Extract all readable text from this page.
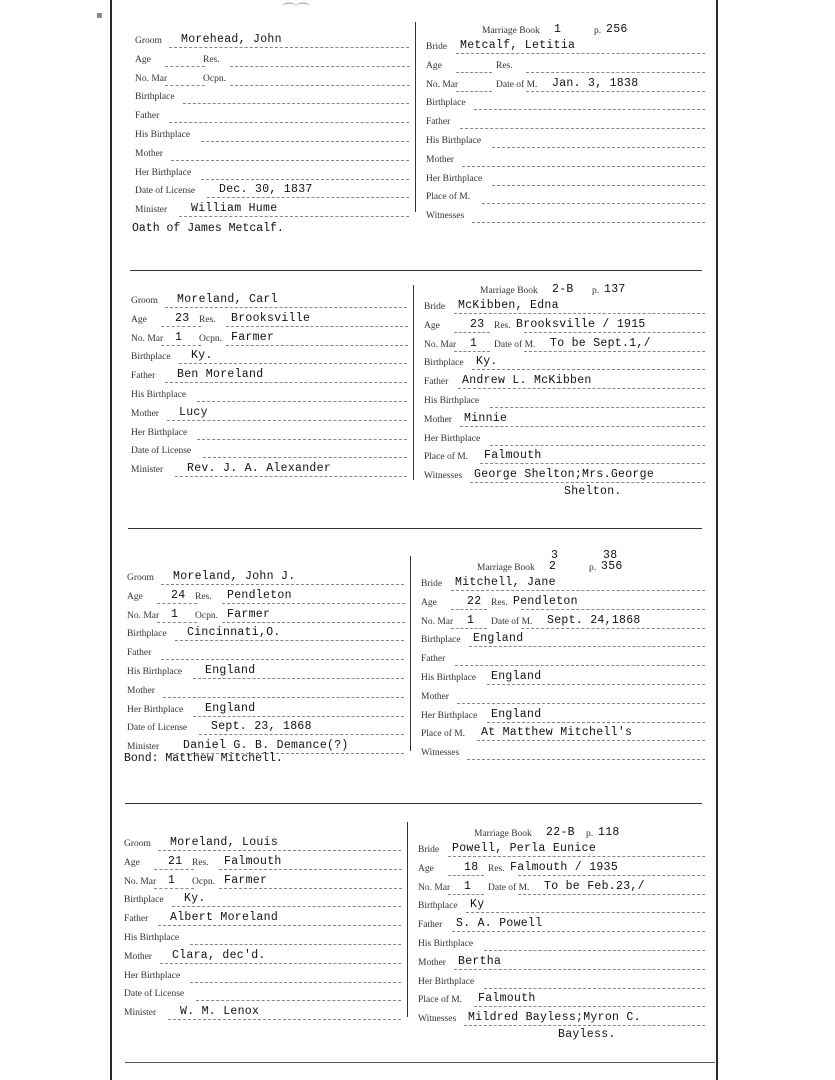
▪	⌒⌒
Groom Morehead, John
Age	Res.
No. Mar	Ocpn.
Birthplace
Father
His Birthplace
Mother
Her Birthplace
Date of License Dec. 30, 1837
Minister William Hume
Marriage Book 1	p. 256
Bride Metcalf, Letitia
Age	Res.
No. Mar	Date of M. Jan. 3, 1838
Birthplace
Father
His Birthplace
Mother
Her Birthplace
Place of M.
Witnesses
Oath of James Metcalf.
Groom Moreland, Carl
Age 23 Res. Brooksville
No. Mar 1 Ocpn. Farmer
Birthplace Ky.
Father Ben Moreland
His Birthplace
Mother Lucy
Her Birthplace
Date of License
Minister Rev. J. A. Alexander
Marriage Book 2-B p. 137
Bride McKibben, Edna
Age	23 Res. Brooksville / 1915
No. Mar 1 Date of M. To be Sept.1,/
Birthplace Ky.
Father Andrew L. McKibben
His Birthplace
Mother Minnie
Her Birthplace
Place of M. Falmouth
Witnesses George Shelton;Mrs.George
Shelton.
Groom Moreland, John J.
Age 24 Res. Pendleton
No. Mar 1 Ocpn. Farmer
Birthplace Cincinnati,O.
Father
His Birthplace England
Mother
Her Birthplace England
Date of License Sept. 23, 1868
Minister Daniel G. B. Demance(?)
Marriage Book 2	p. 356
3	38
Bride Mitchell, Jane
Age	22 Res. Pendleton
No. Mar 1 Date of M. Sept. 24,1868
Birthplace England
Father
His Birthplace England
Mother
Her Birthplace England
Place of M. At Matthew Mitchell's
Witnesses
Bond: Matthew Mitchell.
Groom Moreland, Louis
Age 21 Res. Falmouth
No. Mar 1 Ocpn. Farmer
Birthplace Ky.
Father Albert Moreland
His Birthplace
Mother Clara, dec'd.
Her Birthplace
Date of License
Minister W. M. Lenox
Marriage Book 22-B p. 118
Bride Powell, Perla Eunice
Age	18 Res. Falmouth / 1935
No. Mar 1 Date of M. To be Feb.23,/
Birthplace Ky
Father S. A. Powell
His Birthplace
Mother Bertha
Her Birthplace
Place of M. Falmouth
Witnesses Mildred Bayless;Myron C.
Bayless.
